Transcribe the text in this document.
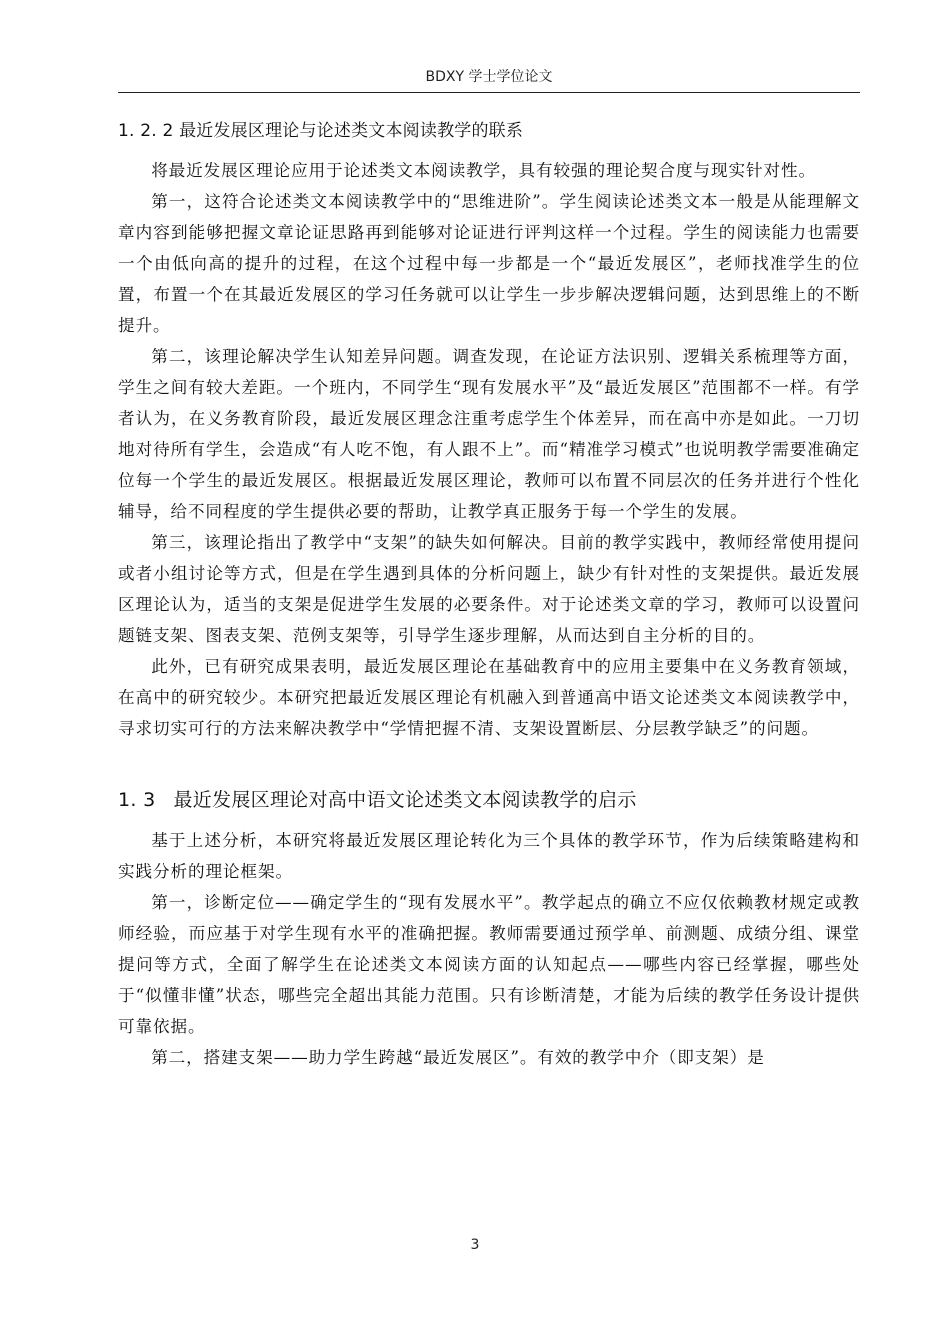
BDXY 学士学位论文
1. 2. 2 最近发展区理论与论述类文本阅读教学的联系

将最近发展区理论应用于论述类文本阅读教学，具有较强的理论契合度与现实针对性。

第一，这符合论述类文本阅读教学中的“思维进阶”。学生阅读论述类文本一般是从能理解文章内容到能够把握文章论证思路再到能够对论证进行评判这样一个过程。学生的阅读能力也需要一个由低向高的提升的过程，在这个过程中每一步都是一个“最近发展区”，老师找准学生的位置，布置一个在其最近发展区的学习任务就可以让学生一步步解决逻辑问题，达到思维上的不断提升。

第二，该理论解决学生认知差异问题。调查发现，在论证方法识别、逻辑关系梳理等方面，学生之间有较大差距。一个班内，不同学生“现有发展水平”及“最近发展区”范围都不一样。有学者认为，在义务教育阶段，最近发展区理念注重考虑学生个体差异，而在高中亦是如此。一刀切地对待所有学生，会造成“有人吃不饱，有人跟不上”。而“精准学习模式”也说明教学需要准确定位每一个学生的最近发展区。根据最近发展区理论，教师可以布置不同层次的任务并进行个性化辅导，给不同程度的学生提供必要的帮助，让教学真正服务于每一个学生的发展。

第三，该理论指出了教学中“支架”的缺失如何解决。目前的教学实践中，教师经常使用提问或者小组讨论等方式，但是在学生遇到具体的分析问题上，缺少有针对性的支架提供。最近发展区理论认为，适当的支架是促进学生发展的必要条件。对于论述类文章的学习，教师可以设置问题链支架、图表支架、范例支架等，引导学生逐步理解，从而达到自主分析的目的。

此外，已有研究成果表明，最近发展区理论在基础教育中的应用主要集中在义务教育领域，在高中的研究较少。本研究把最近发展区理论有机融入到普通高中语文论述类文本阅读教学中，寻求切实可行的方法来解决教学中“学情把握不清、支架设置断层、分层教学缺乏”的问题。

1. 3 最近发展区理论对高中语文论述类文本阅读教学的启示

基于上述分析，本研究将最近发展区理论转化为三个具体的教学环节，作为后续策略建构和实践分析的理论框架。

第一，诊断定位——确定学生的“现有发展水平”。教学起点的确立不应仅依赖教材规定或教师经验，而应基于对学生现有水平的准确把握。教师需要通过预学单、前测题、成绩分组、课堂提问等方式，全面了解学生在论述类文本阅读方面的认知起点——哪些内容已经掌握，哪些处于“似懂非懂”状态，哪些完全超出其能力范围。只有诊断清楚，才能为后续的教学任务设计提供可靠依据。

第二，搭建支架——助力学生跨越“最近发展区”。有效的教学中介（即支架）是

3
